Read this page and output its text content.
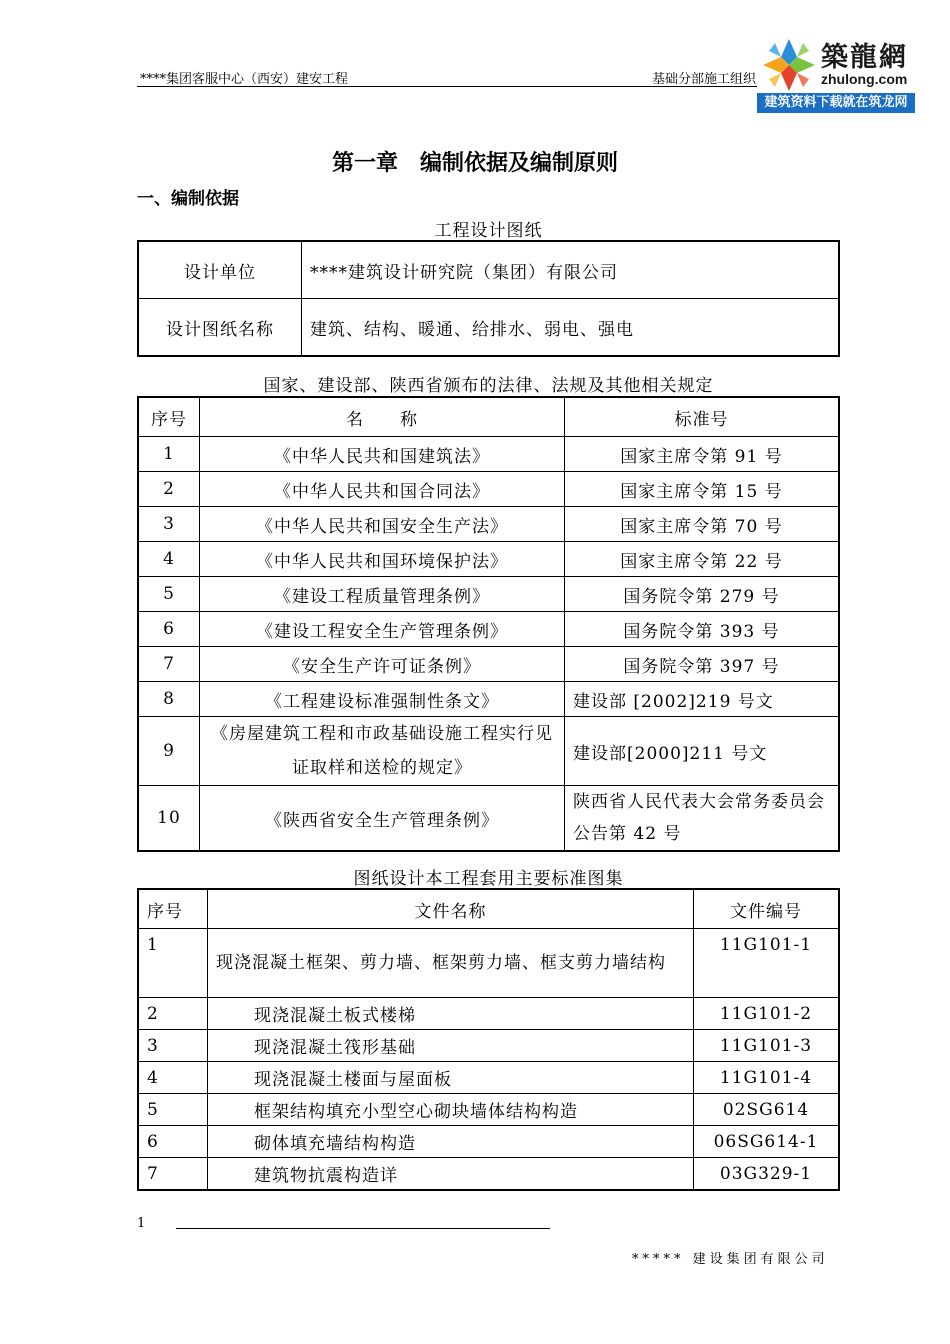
****集团客服中心（西安）建安工程	基础分部施工组织
築龍網
zhulong.com
建筑资料下载就在筑龙网
第一章　编制依据及编制原则
一、编制依据
工程设计图纸
设计单位	****建筑设计研究院（集团）有限公司
设计图纸名称	建筑、结构、暖通、给排水、弱电、强电
国家、建设部、陕西省颁布的法律、法规及其他相关规定
序号	名　　称	标准号
1	《中华人民共和国建筑法》	国家主席令第 91 号
2	《中华人民共和国合同法》	国家主席令第 15 号
3	《中华人民共和国安全生产法》	国家主席令第 70 号
4	《中华人民共和国环境保护法》	国家主席令第 22 号
5	《建设工程质量管理条例》	国务院令第 279 号
6	《建设工程安全生产管理条例》	国务院令第 393 号
7	《安全生产许可证条例》	国务院令第 397 号
8	《工程建设标准强制性条文》	建设部 [2002]219 号文
9	《房屋建筑工程和市政基础设施工程实行见证取样和送检的规定》	建设部[2000]211 号文
10	《陕西省安全生产管理条例》	陕西省人民代表大会常务委员会公告第 42 号
图纸设计本工程套用主要标准图集
序号	文件名称	文件编号
1	现浇混凝土框架、剪力墙、框架剪力墙、框支剪力墙结构	11G101-1
2	现浇混凝土板式楼梯	11G101-2
3	现浇混凝土筏形基础	11G101-3
4	现浇混凝土楼面与屋面板	11G101-4
5	框架结构填充小型空心砌块墙体结构构造	02SG614
6	砌体填充墙结构构造	06SG614-1
7	建筑物抗震构造详	03G329-1
1
***** 建设集团有限公司
